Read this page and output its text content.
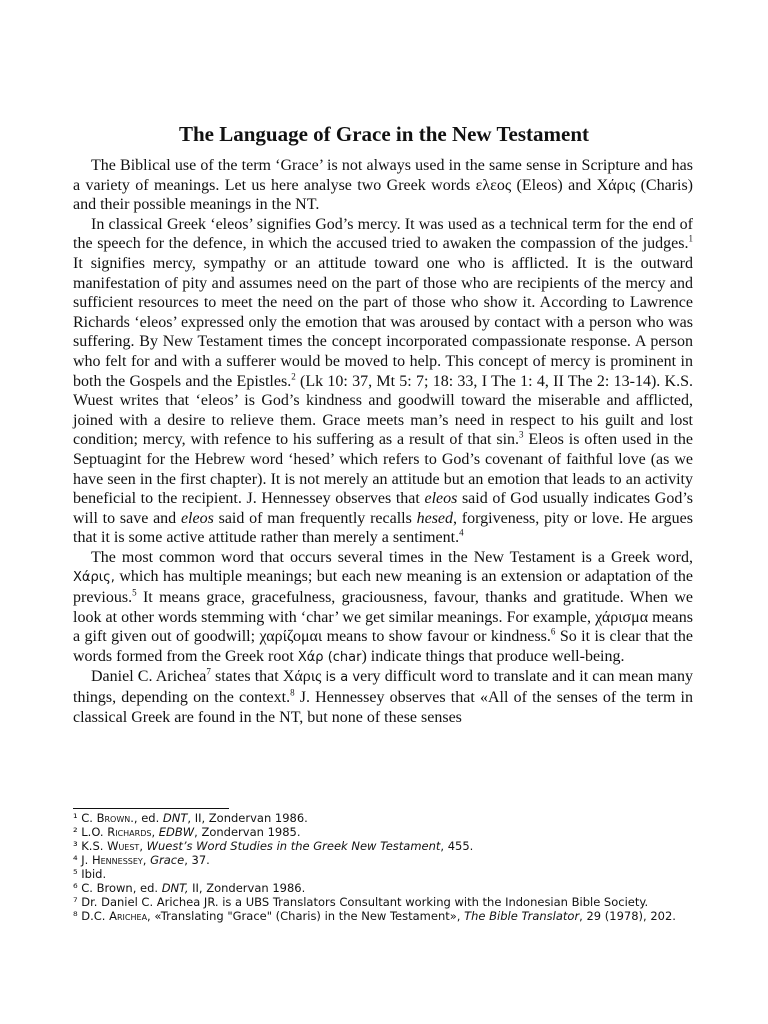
The Language of Grace in the New Testament

The Biblical use of the term ‘Grace’ is not always used in the same sense in Scripture and has a variety of meanings. Let us here analyse two Greek words ελεος (Eleos) and Χάρις (Charis) and their possible meanings in the NT.

In classical Greek ‘eleos’ signifies God’s mercy. It was used as a technical term for the end of the speech for the defence, in which the accused tried to awaken the compassion of the judges.$^1$ It signifies mercy, sympathy or an attitude toward one who is afflicted. It is the outward manifestation of pity and assumes need on the part of those who are recipients of the mercy and sufficient resources to meet the need on the part of those who show it. According to Lawrence Richards ‘eleos’ expressed only the emotion that was aroused by contact with a person who was suffering. By New Testament times the concept incorporated compassionate response. A person who felt for and with a sufferer would be moved to help. This concept of mercy is prominent in both the Gospels and the Epistles.$^2$ (Lk 10: 37, Mt 5: 7; 18: 33, I The 1: 4, II The 2: 13-14). K.S. Wuest writes that ‘eleos’ is God’s kindness and goodwill toward the miserable and afflicted, joined with a desire to relieve them. Grace meets man’s need in respect to his guilt and lost condition; mercy, with refence to his suffering as a result of that sin.$^3$ Eleos is often used in the Septuagint for the Hebrew word ‘hesed’ which refers to God’s covenant of faithful love (as we have seen in the first chapter). It is not merely an attitude but an emotion that leads to an activity beneficial to the recipient. J. Hennessey observes that eleos said of God usually indicates God’s will to save and eleos said of man frequently recalls hesed, forgiveness, pity or love. He argues that it is some active attitude rather than merely a sentiment.$^4$

The most common word that occurs several times in the New Testament is a Greek word, Χάρις, which has multiple meanings; but each new meaning is an extension or adaptation of the previous.$^5$ It means grace, gracefulness, graciousness, favour, thanks and gratitude. When we look at other words stemming with ‘char’ we get similar meanings. For example, χάρισμα means a gift given out of goodwill; χαρίζομαι means to show favour or kindness.$^6$ So it is clear that the words formed from the Greek root Χάρ (char) indicate things that produce well-being.

Daniel C. Arichea$^7$ states that Χάρις is a very difficult word to translate and it can mean many things, depending on the context.$^8$ J. Hennessey observes that «All of the senses of the term in classical Greek are found in the NT, but none of these senses

¹ C. Brown., ed. DNT, II, Zondervan 1986.
² L.O. Richards, EDBW, Zondervan 1985.
³ K.S. Wuest, Wuest’s Word Studies in the Greek New Testament, 455.
⁴ J. Hennessey, Grace, 37.
⁵ Ibid.
⁶ C. Brown, ed. DNT, II, Zondervan 1986.
⁷ Dr. Daniel C. Arichea JR. is a UBS Translators Consultant working with the Indonesian Bible Society.
⁸ D.C. Arichea, «Translating "Grace" (Charis) in the New Testament», The Bible Translator, 29 (1978), 202.
